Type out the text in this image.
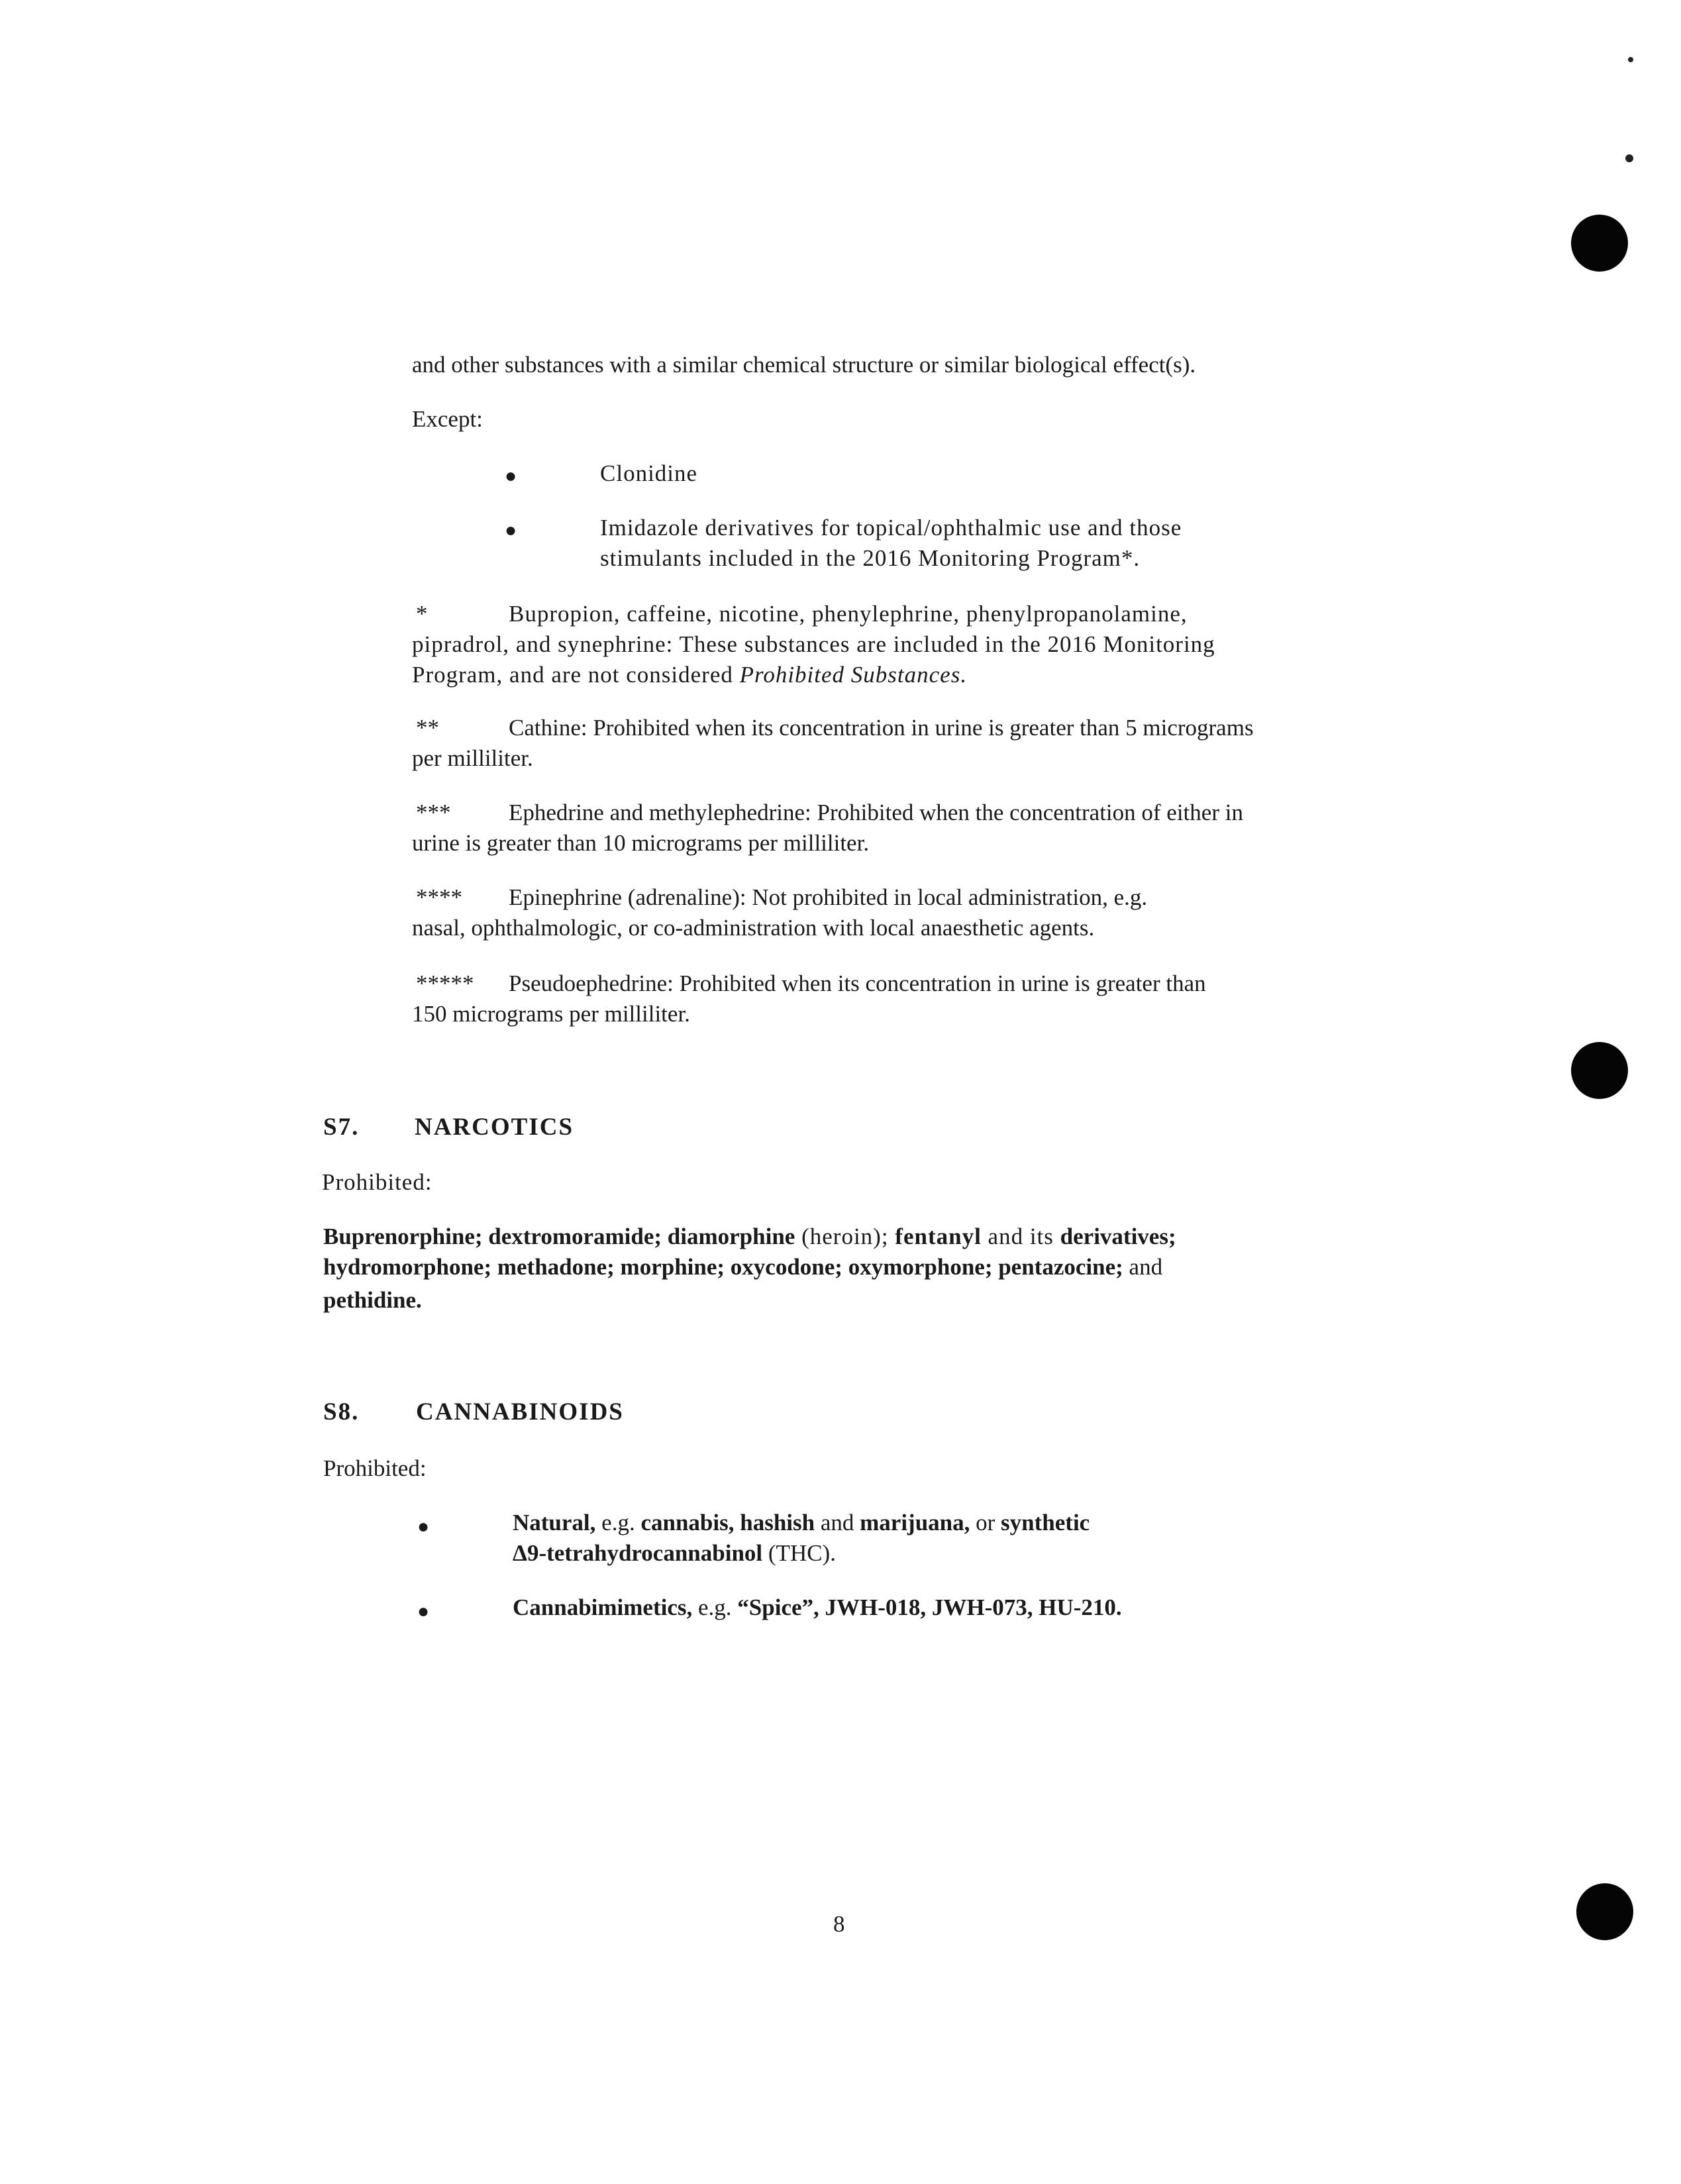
and other substances with a similar chemical structure or similar biological effect(s).
Except:
●	Clonidine
●	Imidazole derivatives for topical/ophthalmic use and those
stimulants included in the 2016 Monitoring Program*.
*	Bupropion, caffeine, nicotine, phenylephrine, phenylpropanolamine,
pipradrol, and synephrine: These substances are included in the 2016 Monitoring
Program, and are not considered Prohibited Substances.
**	Cathine: Prohibited when its concentration in urine is greater than 5 micrograms
per milliliter.
***	Ephedrine and methylephedrine: Prohibited when the concentration of either in
urine is greater than 10 micrograms per milliliter.
**** Epinephrine (adrenaline): Not prohibited in local administration, e.g.
nasal, ophthalmologic, or co-administration with local anaesthetic agents.
***** Pseudoephedrine: Prohibited when its concentration in urine is greater than
150 micrograms per milliliter.
S7. NARCOTICS
Prohibited:
Buprenorphine; dextromoramide; diamorphine (heroin); fentanyl and its derivatives;
hydromorphone; methadone; morphine; oxycodone; oxymorphone; pentazocine; and
pethidine.
S8. CANNABINOIDS
Prohibited:
●	Natural, e.g. cannabis, hashish and marijuana, or synthetic
Δ9-tetrahydrocannabinol (THC).
●	Cannabimimetics, e.g. “Spice”, JWH-018, JWH-073, HU-210.
8
